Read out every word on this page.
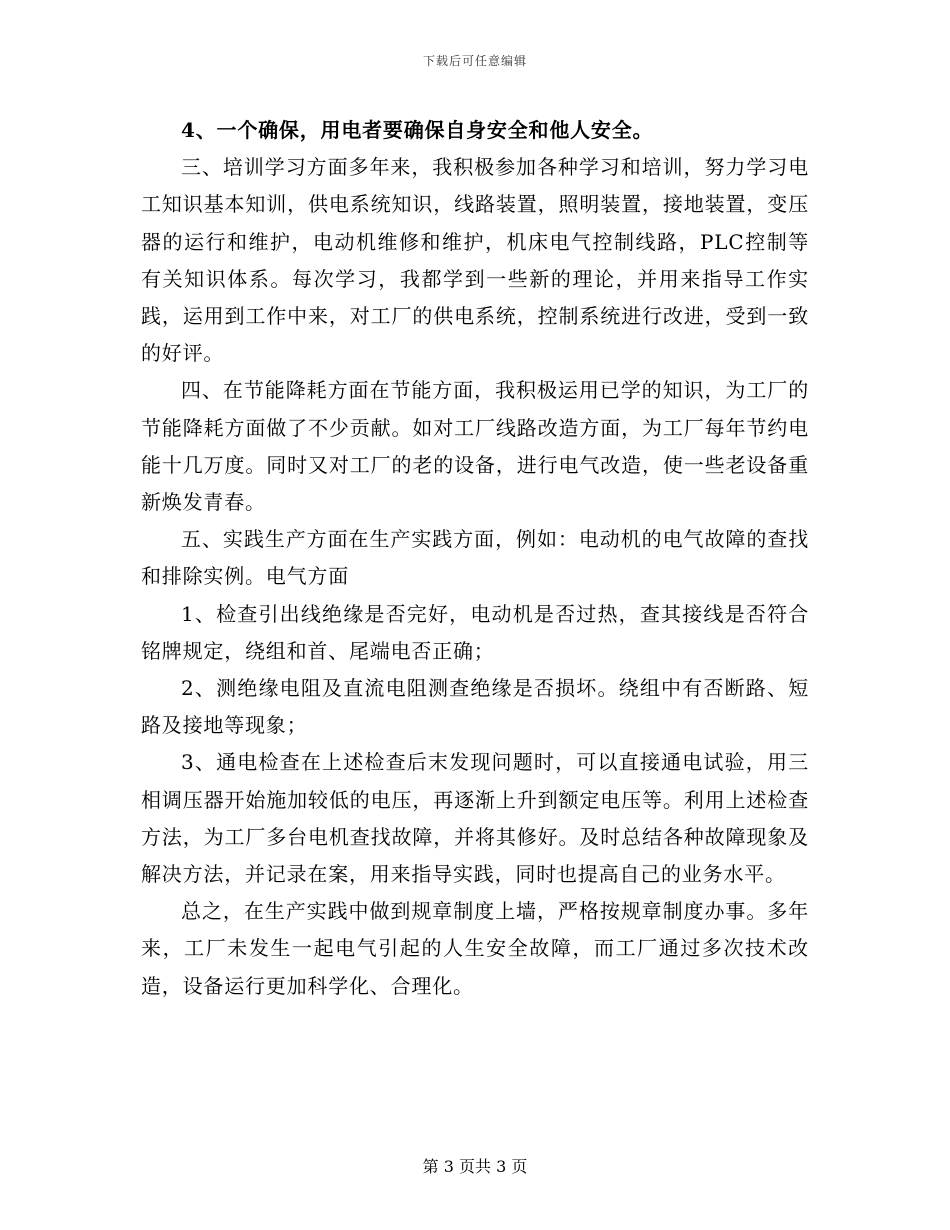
下载后可任意编辑

4、一个确保，用电者要确保自身安全和他人安全。

三、培训学习方面多年来，我积极参加各种学习和培训，努力学习电工知识基本知训，供电系统知识，线路装置，照明装置，接地装置，变压器的运行和维护，电动机维修和维护，机床电气控制线路，PLC控制等有关知识体系。每次学习，我都学到一些新的理论，并用来指导工作实践，运用到工作中来，对工厂的供电系统，控制系统进行改进，受到一致的好评。

四、在节能降耗方面在节能方面，我积极运用已学的知识，为工厂的节能降耗方面做了不少贡献。如对工厂线路改造方面，为工厂每年节约电能十几万度。同时又对工厂的老的设备，进行电气改造，使一些老设备重新焕发青春。

五、实践生产方面在生产实践方面，例如：电动机的电气故障的查找和排除实例。电气方面

1、检查引出线绝缘是否完好，电动机是否过热，查其接线是否符合铭牌规定，绕组和首、尾端电否正确；

2、测绝缘电阻及直流电阻测查绝缘是否损坏。绕组中有否断路、短路及接地等现象；

3、通电检查在上述检查后末发现问题时，可以直接通电试验，用三相调压器开始施加较低的电压，再逐渐上升到额定电压等。利用上述检查方法，为工厂多台电机查找故障，并将其修好。及时总结各种故障现象及解决方法，并记录在案，用来指导实践，同时也提高自己的业务水平。

总之，在生产实践中做到规章制度上墙，严格按规章制度办事。多年来，工厂未发生一起电气引起的人生安全故障，而工厂通过多次技术改造，设备运行更加科学化、合理化。

第 3 页共 3 页
